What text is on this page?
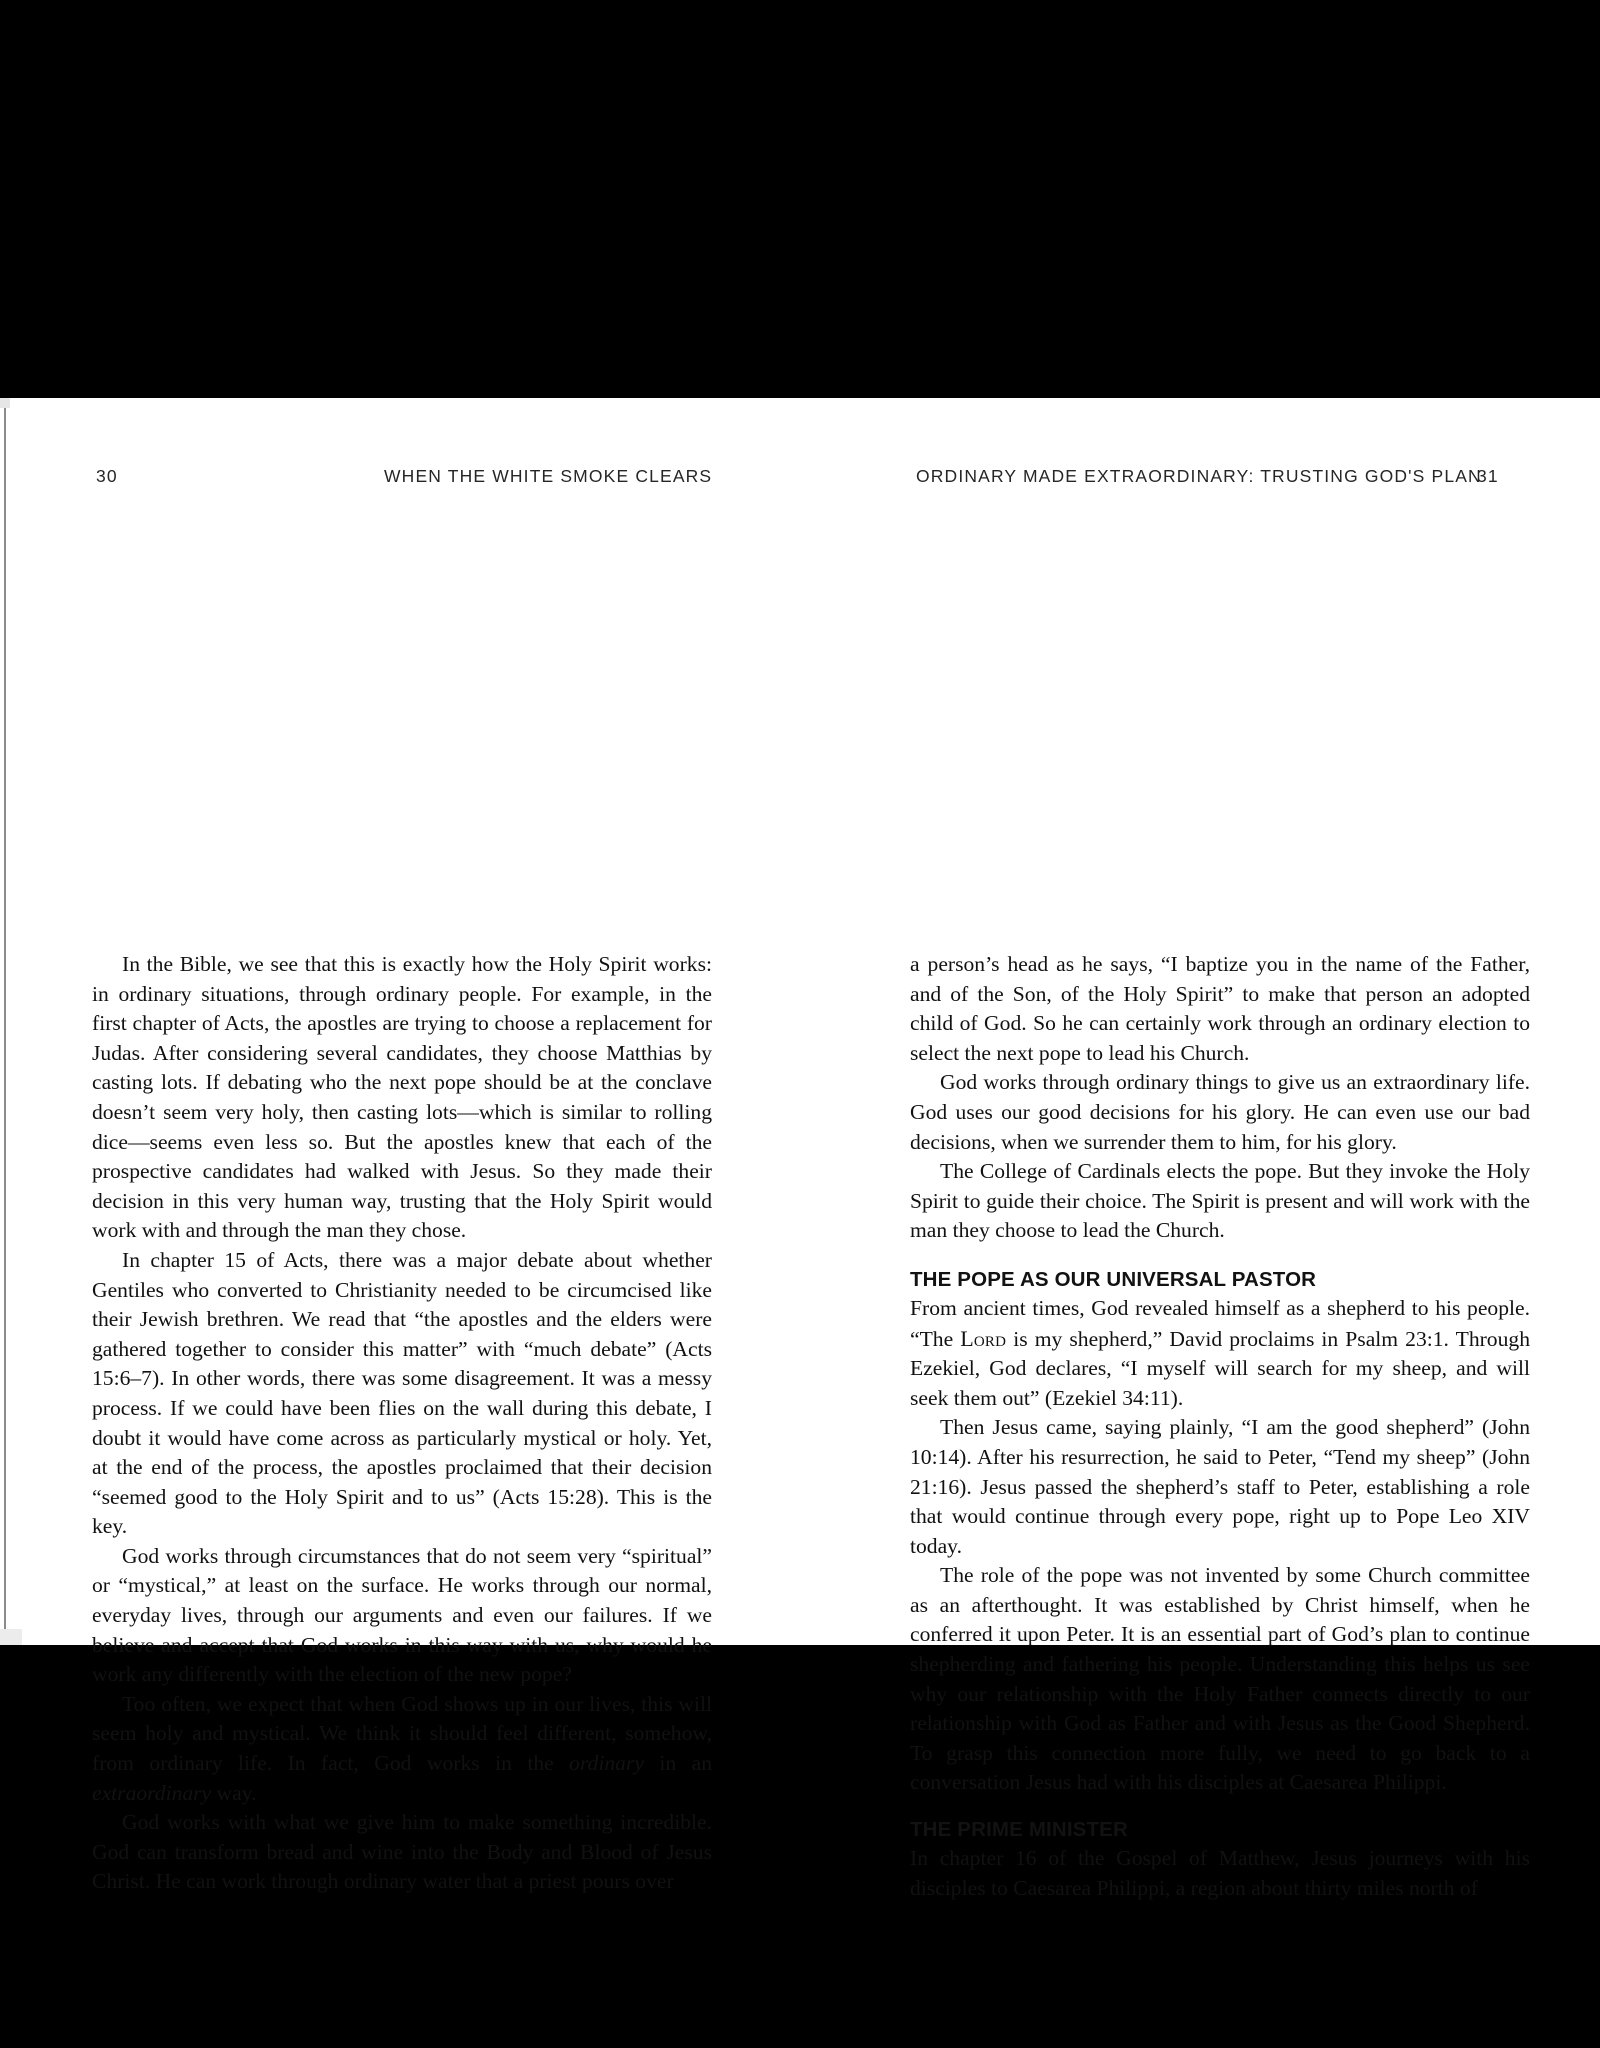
30	WHEN THE WHITE SMOKE CLEARS	ORDINARY MADE EXTRAORDINARY: TRUSTING GOD'S PLAN
31

In the Bible, we see that this is exactly how the Holy Spirit works: in ordinary situations, through ordinary people. For example, in the first chapter of Acts, the apostles are trying to choose a replacement for Judas. After considering several candidates, they choose Matthias by casting lots. If debating who the next pope should be at the conclave doesn’t seem very holy, then casting lots—which is similar to rolling dice—seems even less so. But the apostles knew that each of the prospective candidates had walked with Jesus. So they made their decision in this very human way, trusting that the Holy Spirit would work with and through the man they chose.

In chapter 15 of Acts, there was a major debate about whether Gentiles who converted to Christianity needed to be circumcised like their Jewish brethren. We read that “the apostles and the elders were gathered together to consider this matter” with “much debate” (Acts 15:6–7). In other words, there was some disagreement. It was a messy process. If we could have been flies on the wall during this debate, I doubt it would have come across as particularly mystical or holy. Yet, at the end of the process, the apostles proclaimed that their decision “seemed good to the Holy Spirit and to us” (Acts 15:28). This is the key.

God works through circumstances that do not seem very “spiritual” or “mystical,” at least on the surface. He works through our normal, everyday lives, through our arguments and even our failures. If we believe and accept that God works in this way with us, why would he work any differently with the election of the new pope?

Too often, we expect that when God shows up in our lives, this will seem holy and mystical. We think it should feel different, somehow, from ordinary life. In fact, God works in the ordinary in an extraordinary way.

God works with what we give him to make something incredible. God can transform bread and wine into the Body and Blood of Jesus Christ. He can work through ordinary water that a priest pours over

a person’s head as he says, “I baptize you in the name of the Father, and of the Son, of the Holy Spirit” to make that person an adopted child of God. So he can certainly work through an ordinary election to select the next pope to lead his Church.

God works through ordinary things to give us an extraordinary life. God uses our good decisions for his glory. He can even use our bad decisions, when we surrender them to him, for his glory.

The College of Cardinals elects the pope. But they invoke the Holy Spirit to guide their choice. The Spirit is present and will work with the man they choose to lead the Church.

THE POPE AS OUR UNIVERSAL PASTOR

From ancient times, God revealed himself as a shepherd to his people. “The Lord is my shepherd,” David proclaims in Psalm 23:1. Through Ezekiel, God declares, “I myself will search for my sheep, and will seek them out” (Ezekiel 34:11).

Then Jesus came, saying plainly, “I am the good shepherd” (John 10:14). After his resurrection, he said to Peter, “Tend my sheep” (John 21:16). Jesus passed the shepherd’s staff to Peter, establishing a role that would continue through every pope, right up to Pope Leo XIV today.

The role of the pope was not invented by some Church committee as an afterthought. It was established by Christ himself, when he conferred it upon Peter. It is an essential part of God’s plan to continue shepherding and fathering his people. Understanding this helps us see why our relationship with the Holy Father connects directly to our relationship with God as Father and with Jesus as the Good Shepherd. To grasp this connection more fully, we need to go back to a conversation Jesus had with his disciples at Caesarea Philippi.

THE PRIME MINISTER

In chapter 16 of the Gospel of Matthew, Jesus journeys with his disciples to Caesarea Philippi, a region about thirty miles north of
